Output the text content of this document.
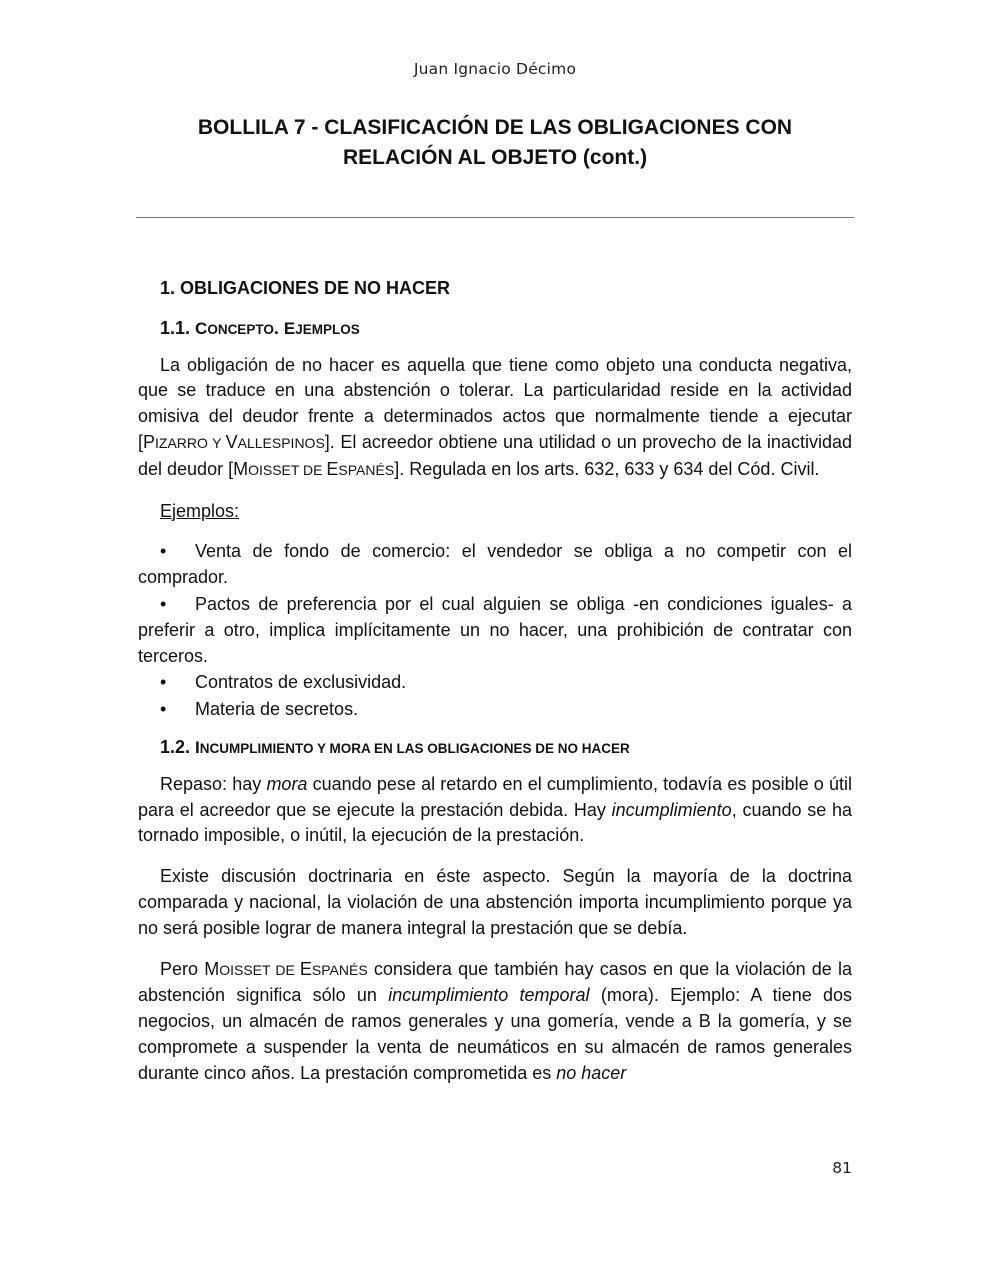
Juan Ignacio Décimo
BOLLILA 7 - CLASIFICACIÓN DE LAS OBLIGACIONES CON
RELACIÓN AL OBJETO (cont.)
1. OBLIGACIONES DE NO HACER
1.1. CONCEPTO. EJEMPLOS

La obligación de no hacer es aquella que tiene como objeto una conducta negativa, que se traduce en una abstención o tolerar. La particularidad reside en la actividad omisiva del deudor frente a determinados actos que normalmente tiende a ejecutar [PIZARRO Y VALLESPINOS]. El acreedor obtiene una utilidad o un provecho de la inactividad del deudor [MOISSET DE ESPANÉS]. Regulada en los arts. 632, 633 y 634 del Cód. Civil.

Ejemplos:
• Venta de fondo de comercio: el vendedor se obliga a no competir con el comprador.
• Pactos de preferencia por el cual alguien se obliga -en condiciones iguales- a preferir a otro, implica implícitamente un no hacer, una prohibición de contratar con terceros.
• Contratos de exclusividad.
• Materia de secretos.
1.2. INCUMPLIMIENTO Y MORA EN LAS OBLIGACIONES DE NO HACER

Repaso: hay mora cuando pese al retardo en el cumplimiento, todavía es posible o útil para el acreedor que se ejecute la prestación debida. Hay incumplimiento, cuando se ha tornado imposible, o inútil, la ejecución de la prestación.

Existe discusión doctrinaria en éste aspecto. Según la mayoría de la doctrina comparada y nacional, la violación de una abstención importa incumplimiento porque ya no será posible lograr de manera integral la prestación que se debía.

Pero MOISSET DE ESPANÉS considera que también hay casos en que la violación de la abstención significa sólo un incumplimiento temporal (mora). Ejemplo: A tiene dos negocios, un almacén de ramos generales y una gomería, vende a B la gomería, y se compromete a suspender la venta de neumáticos en su almacén de ramos generales durante cinco años. La prestación comprometida es no hacer

81
